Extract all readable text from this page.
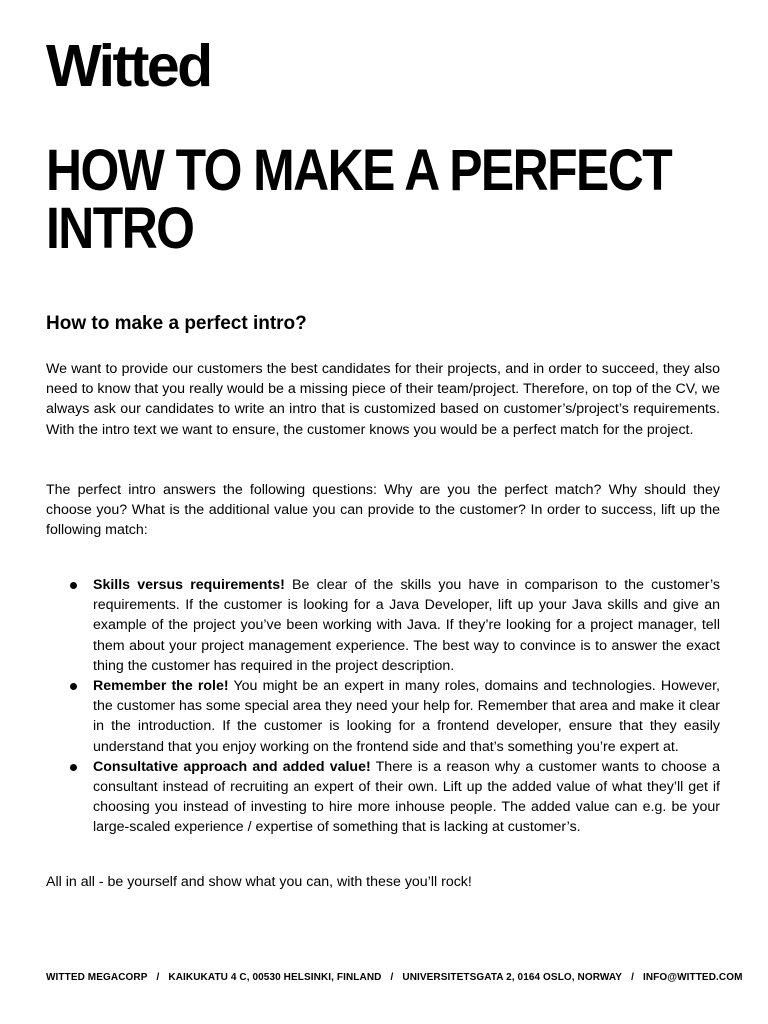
Witted
HOW TO MAKE A PERFECT
INTRO
How to make a perfect intro?

We want to provide our customers the best candidates for their projects, and in order to succeed, they also need to know that you really would be a missing piece of their team/project. Therefore, on top of the CV, we always ask our candidates to write an intro that is customized based on customer’s/project’s requirements. With the intro text we want to ensure, the customer knows you would be a perfect match for the project.

The perfect intro answers the following questions: Why are you the perfect match? Why should they choose you? What is the additional value you can provide to the customer? In order to success, lift up the following match:

Skills versus requirements! Be clear of the skills you have in comparison to the customer’s requirements. If the customer is looking for a Java Developer, lift up your Java skills and give an example of the project you’ve been working with Java. If they’re looking for a project manager, tell them about your project management experience. The best way to convince is to answer the exact thing the customer has required in the project description.
Remember the role! You might be an expert in many roles, domains and technologies. However, the customer has some special area they need your help for. Remember that area and make it clear in the introduction. If the customer is looking for a frontend developer, ensure that they easily understand that you enjoy working on the frontend side and that’s something you’re expert at.
Consultative approach and added value! There is a reason why a customer wants to choose a consultant instead of recruiting an expert of their own. Lift up the added value of what they’ll get if choosing you instead of investing to hire more inhouse people. The added value can e.g. be your large-scaled experience / expertise of something that is lacking at customer’s.

All in all - be yourself and show what you can, with these you’ll rock!

WITTED MEGACORP / KAIKUKATU 4 C, 00530 HELSINKI, FINLAND / UNIVERSITETSGATA 2, 0164 OSLO, NORWAY / INFO@WITTED.COM
